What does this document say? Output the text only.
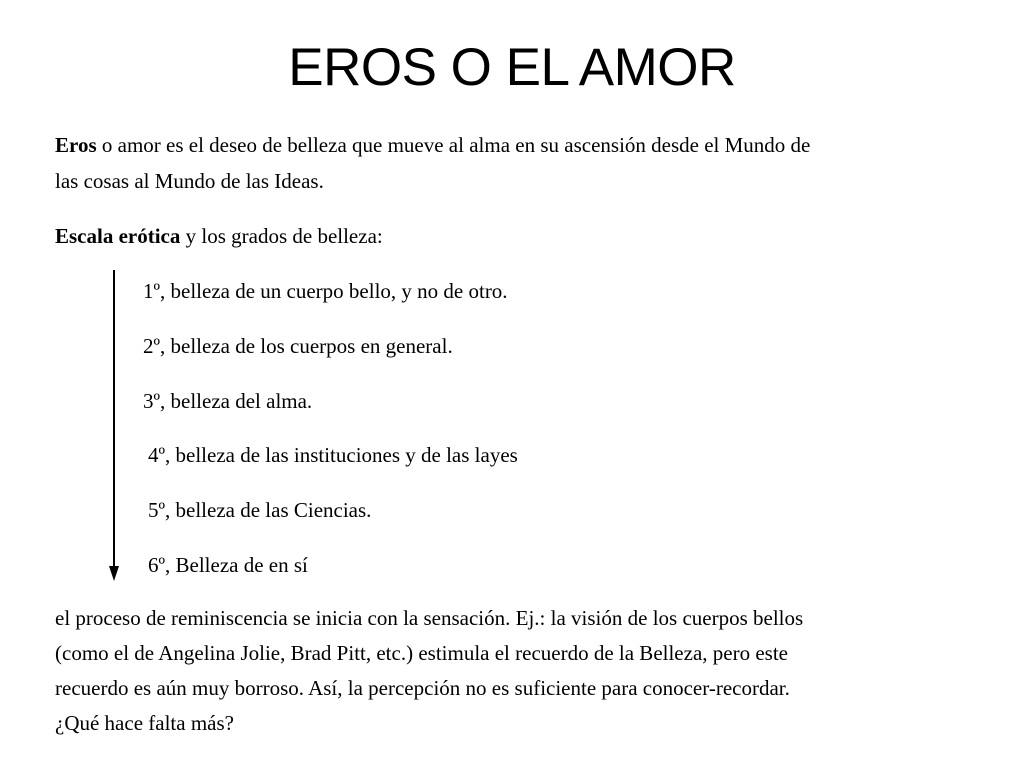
EROS O EL AMOR
Eros o amor es el deseo de belleza que mueve al alma en su ascensión desde el Mundo de
las cosas al Mundo de las Ideas.
Escala erótica y los grados de belleza:
1º, belleza de un cuerpo bello, y no de otro.
2º, belleza de los cuerpos en general.
3º, belleza del alma.
4º, belleza de las instituciones y de las layes
5º, belleza de las Ciencias.
6º, Belleza de en sí
el proceso de reminiscencia se inicia con la sensación. Ej.: la visión de los cuerpos bellos
(como el de Angelina Jolie, Brad Pitt, etc.) estimula el recuerdo de la Belleza, pero este
recuerdo es aún muy borroso. Así, la percepción no es suficiente para conocer-recordar.
¿Qué hace falta más?
